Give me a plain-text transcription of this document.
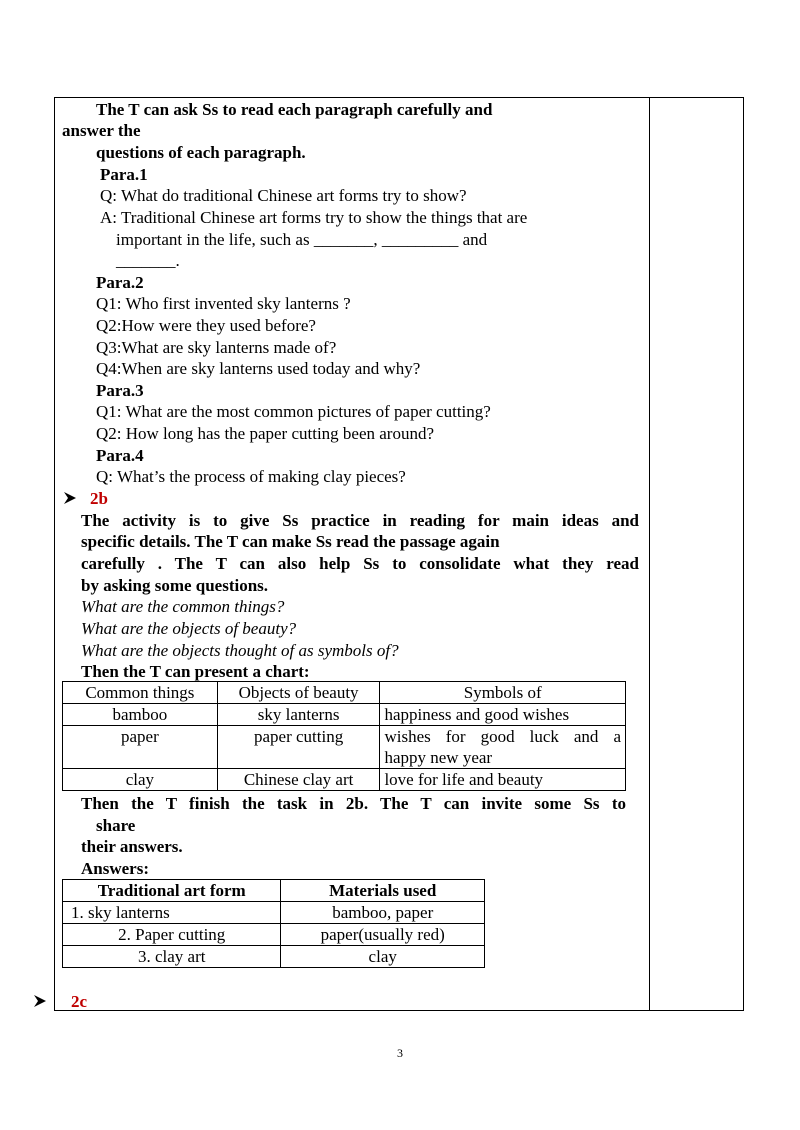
The T can ask Ss to read each paragraph carefully and
answer the
questions of each paragraph.
Para.1
Q: What do traditional Chinese art forms try to show?
A: Traditional Chinese art forms try to show the things that are
important in the life, such as _______, _________ and
_______.
Para.2
Q1: Who first invented sky lanterns ?
Q2:How were they used before?
Q3:What are sky lanterns made of?
Q4:When are sky lanterns used today and why?
Para.3
Q1: What are the most common pictures of paper cutting?
Q2: How long has the paper cutting been around?
Para.4
Q: What’s the process of making clay pieces?
2b
The activity is to give Ss practice in reading for main ideas and
specific details. The T can make Ss read the passage again
carefully . The T can also help Ss to consolidate what they read
by asking some questions.
What are the common things?
What are the objects of beauty?
What are the objects thought of as symbols of?
Then the T can present a chart:
Common things	Objects of beauty	Symbols of
bamboo	sky lanterns	happiness and good wishes
paper	paper cutting	wishes for good luck and a
happy new year

clay	Chinese clay art	love for life and beauty
Then the T finish the task in 2b. The T can invite some Ss to
share
their answers.
Answers:
Traditional art form	Materials used
1. sky lanterns	bamboo, paper
2. Paper cutting	paper(usually red)
3. clay art	clay
2c
3
